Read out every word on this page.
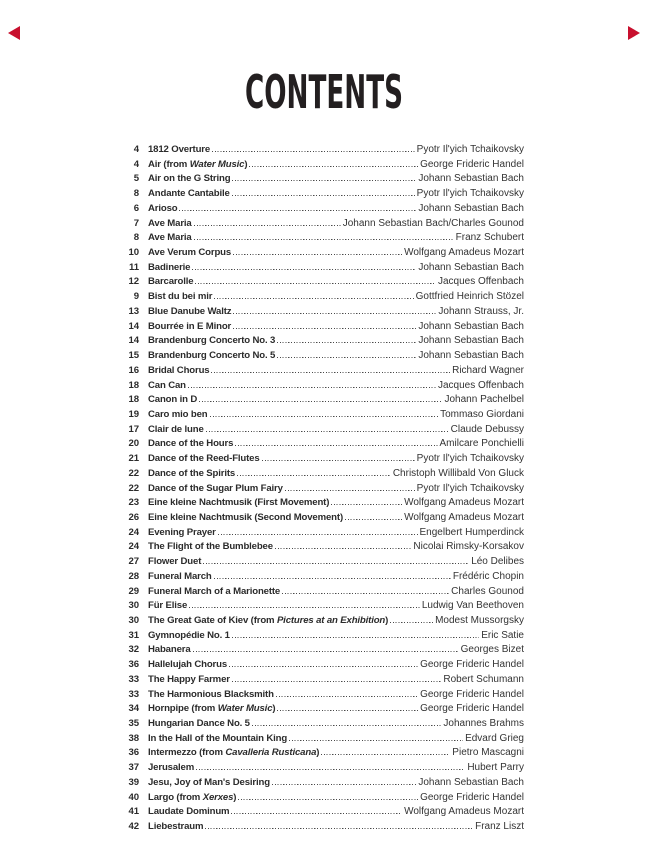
CONTENTS
4 1812 Overture	Pyotr Il'yich Tchaikovsky
4 Air (from Water Music)	George Frideric Handel
5 Air on the G String	Johann Sebastian Bach
8 Andante Cantabile	Pyotr Il'yich Tchaikovsky
6 Arioso	Johann Sebastian Bach
7 Ave Maria	Johann Sebastian Bach/Charles Gounod
8 Ave Maria	Franz Schubert
10 Ave Verum Corpus	Wolfgang Amadeus Mozart
11 Badinerie	Johann Sebastian Bach
12 Barcarolle	Jacques Offenbach
9 Bist du bei mir	Gottfried Heinrich Stözel
13 Blue Danube Waltz	Johann Strauss, Jr.
14 Bourrée in E Minor	Johann Sebastian Bach
14 Brandenburg Concerto No. 3	Johann Sebastian Bach
15 Brandenburg Concerto No. 5	Johann Sebastian Bach
16 Bridal Chorus	Richard Wagner
18 Can Can	Jacques Offenbach
18 Canon in D	Johann Pachelbel
19 Caro mio ben	Tommaso Giordani
17 Clair de lune	Claude Debussy
20 Dance of the Hours	Amilcare Ponchielli
21 Dance of the Reed-Flutes	Pyotr Il'yich Tchaikovsky
22 Dance of the Spirits	Christoph Willibald Von Gluck
22 Dance of the Sugar Plum Fairy	Pyotr Il'yich Tchaikovsky
23 Eine kleine Nachtmusik (First Movement)	Wolfgang Amadeus Mozart
26 Eine kleine Nachtmusik (Second Movement)	Wolfgang Amadeus Mozart
24 Evening Prayer	Engelbert Humperdinck
24 The Flight of the Bumblebee	Nicolai Rimsky-Korsakov
27 Flower Duet	Léo Delibes
28 Funeral March	Frédéric Chopin
29 Funeral March of a Marionette	Charles Gounod
30 Für Elise	Ludwig Van Beethoven
30 The Great Gate of Kiev (from Pictures at an Exhibition)	Modest Mussorgsky
31 Gymnopédie No. 1	Eric Satie
32 Habanera	Georges Bizet
36 Hallelujah Chorus	George Frideric Handel
33 The Happy Farmer	Robert Schumann
33 The Harmonious Blacksmith	George Frideric Handel
34 Hornpipe (from Water Music)	George Frideric Handel
35 Hungarian Dance No. 5	Johannes Brahms
38 In the Hall of the Mountain King	Edvard Grieg
36 Intermezzo (from Cavalleria Rusticana)	Pietro Mascagni
37 Jerusalem	Hubert Parry
39 Jesu, Joy of Man's Desiring	Johann Sebastian Bach
40 Largo (from Xerxes)	George Frideric Handel
41 Laudate Dominum	Wolfgang Amadeus Mozart
42 Liebestraum	Franz Liszt
